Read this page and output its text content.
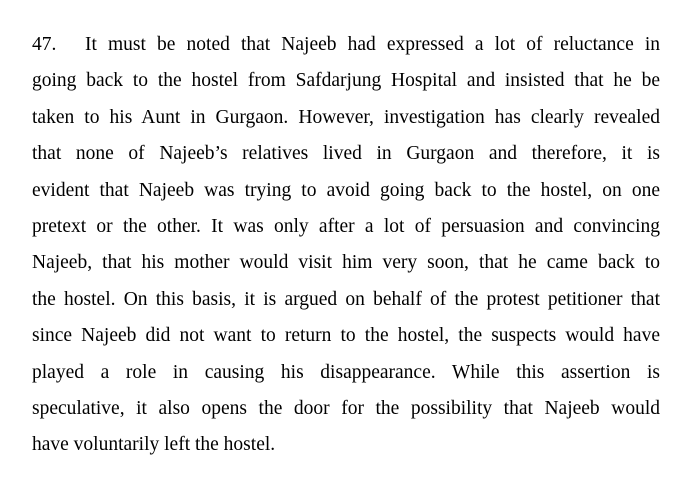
47. It must be noted that Najeeb had expressed a lot of reluctance in
going back to the hostel from Safdarjung Hospital and insisted that he be
taken to his Aunt in Gurgaon. However, investigation has clearly revealed
that none of Najeeb’s relatives lived in Gurgaon and therefore, it is
evident that Najeeb was trying to avoid going back to the hostel, on one
pretext or the other. It was only after a lot of persuasion and convincing
Najeeb, that his mother would visit him very soon, that he came back to
the hostel. On this basis, it is argued on behalf of the protest petitioner that
since Najeeb did not want to return to the hostel, the suspects would have
played a role in causing his disappearance. While this assertion is
speculative, it also opens the door for the possibility that Najeeb would
have voluntarily left the hostel.
